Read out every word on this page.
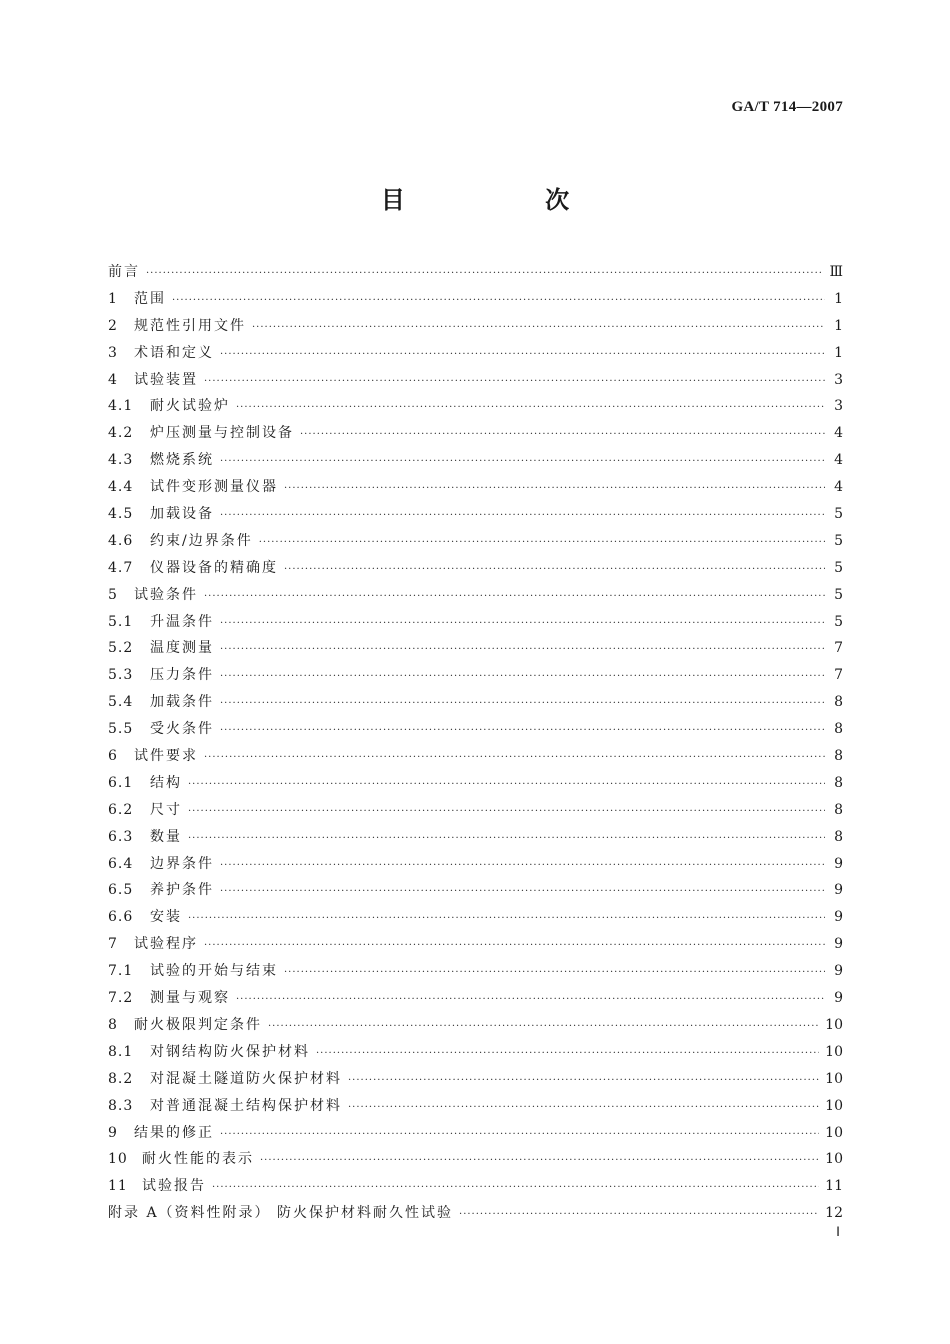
GA/T 714—2007
目 次
前言 ·····	Ⅲ
1	范围 ·····	1
2	规范性引用文件 ·····	1
3	术语和定义 ·····	1
4	试验装置 ·····	3
4.1	耐火试验炉 ·····	3
4.2	炉压测量与控制设备 ·····	4
4.3	燃烧系统 ·····	4
4.4	试件变形测量仪器 ·····	4
4.5	加载设备 ·····	5
4.6	约束/边界条件 ·····	5
4.7	仪器设备的精确度 ·····	5
5	试验条件 ·····	5
5.1	升温条件 ·····	5
5.2	温度测量 ·····	7
5.3	压力条件 ·····	7
5.4	加载条件 ·····	8
5.5	受火条件 ·····	8
6	试件要求 ·····	8
6.1	结构 ·····	8
6.2	尺寸 ·····	8
6.3	数量 ·····	8
6.4	边界条件 ·····	9
6.5	养护条件 ·····	9
6.6	安装 ·····	9
7	试验程序 ·····	9
7.1	试验的开始与结束 ·····	9
7.2	测量与观察 ·····	9
8	耐火极限判定条件 ·····	10
8.1	对钢结构防火保护材料 ·····	10
8.2	对混凝土隧道防火保护材料 ·····	10
8.3	对普通混凝土结构保护材料 ·····	10
9	结果的修正 ·····	10
10	耐火性能的表示 ·····	10
11	试验报告 ·····	11
附录 A（资料性附录） 防火保护材料耐久性试验 ·····	12
Ⅰ
